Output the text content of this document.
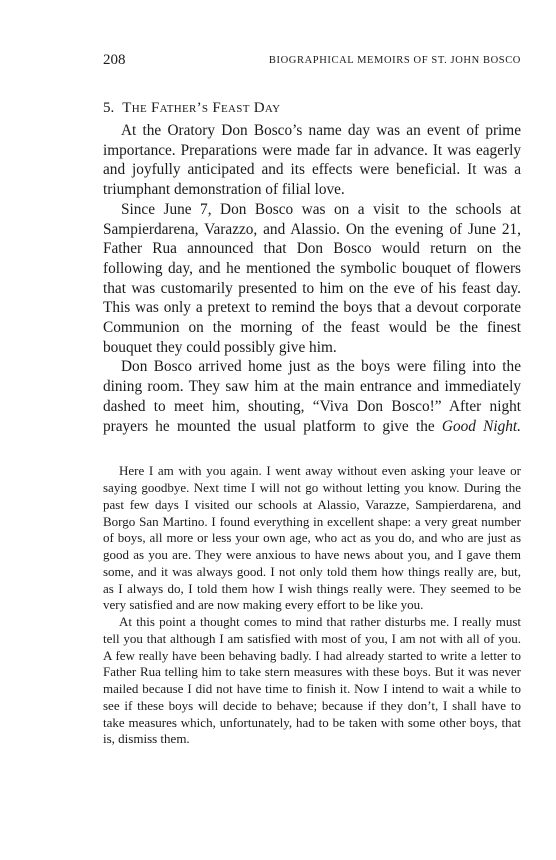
208	BIOGRAPHICAL MEMOIRS OF ST. JOHN BOSCO
5. The Father’s Feast Day

At the Oratory Don Bosco’s name day was an event of prime importance. Preparations were made far in advance. It was eagerly and joyfully anticipated and its effects were beneficial. It was a triumphant demonstration of filial love.

Since June 7, Don Bosco was on a visit to the schools at Sampierdarena, Varazzo, and Alassio. On the evening of June 21, Father Rua announced that Don Bosco would return on the following day, and he mentioned the symbolic bouquet of flowers that was customarily presented to him on the eve of his feast day. This was only a pretext to remind the boys that a devout corporate Communion on the morning of the feast would be the finest bouquet they could possibly give him.

Don Bosco arrived home just as the boys were filing into the dining room. They saw him at the main entrance and immediately dashed to meet him, shouting, “Viva Don Bosco!” After night prayers he mounted the usual platform to give the Good Night.

Here I am with you again. I went away without even asking your leave or saying goodbye. Next time I will not go without letting you know. During the past few days I visited our schools at Alassio, Varazze, Sampierdarena, and Borgo San Martino. I found everything in excellent shape: a very great number of boys, all more or less your own age, who act as you do, and who are just as good as you are. They were anxious to have news about you, and I gave them some, and it was always good. I not only told them how things really are, but, as I always do, I told them how I wish things really were. They seemed to be very satisfied and are now making every effort to be like you.

At this point a thought comes to mind that rather disturbs me. I really must tell you that although I am satisfied with most of you, I am not with all of you. A few really have been behaving badly. I had already started to write a letter to Father Rua telling him to take stern measures with these boys. But it was never mailed because I did not have time to finish it. Now I intend to wait a while to see if these boys will decide to behave; because if they don’t, I shall have to take measures which, unfortunately, had to be taken with some other boys, that is, dismiss them.
